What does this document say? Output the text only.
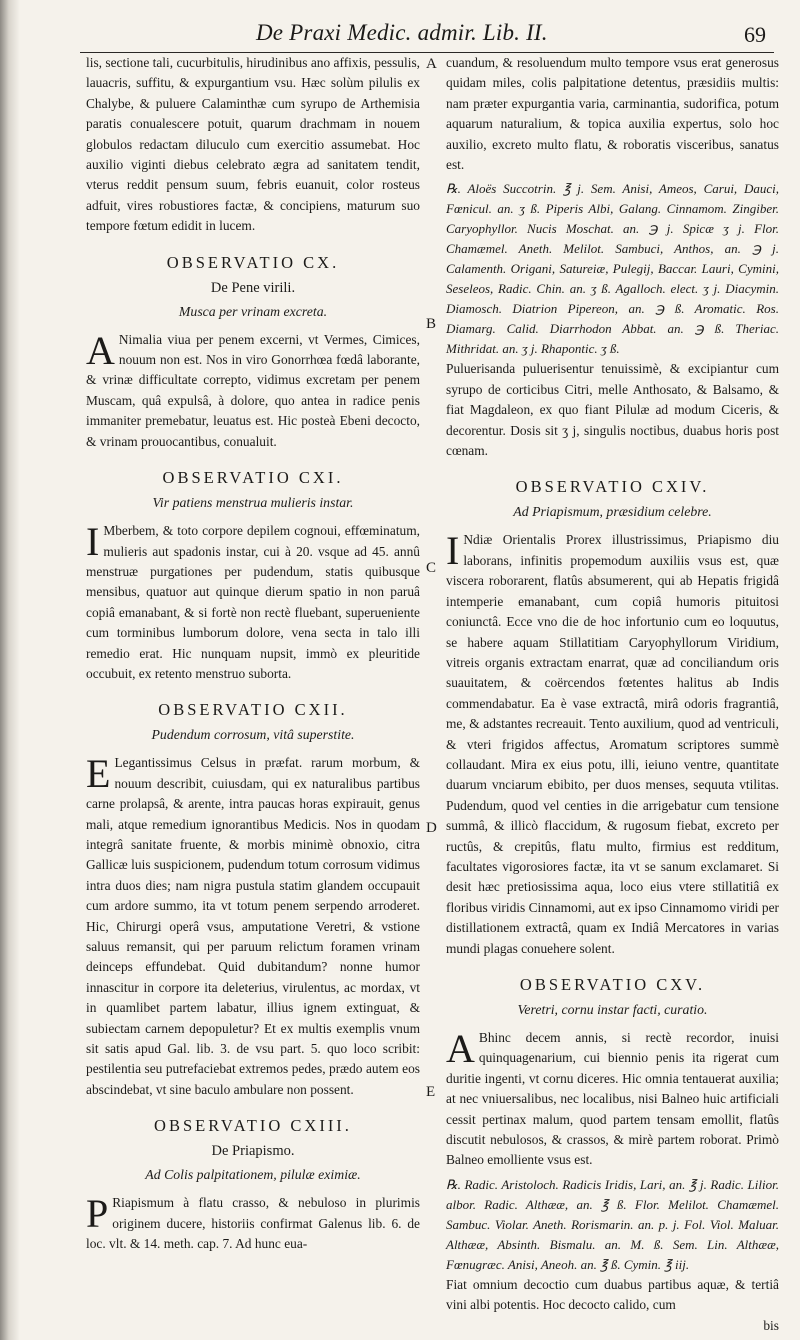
De Praxi Medic. admir. Lib. II.	69
A
B
C
D
E

lis, sectione tali, cucurbitulis, hirudinibus ano affixis, pessulis, lauacris, suffitu, & expurgantium vsu. Hæc solùm pilulis ex Chalybe, & puluere Calaminthæ cum syrupo de Arthemisia paratis conualescere potuit, quarum drachmam in nouem globulos redactam diluculo cum exercitio assumebat. Hoc auxilio viginti diebus celebrato ægra ad sanitatem tendit, vterus reddit pensum suum, febris euanuit, color rosteus adfuit, vires robustiores factæ, & concipiens, maturum suo tempore fœtum edidit in lucem.

OBSERVATIO CX.
De Pene virili.
Musca per vrinam excreta.

A Nimalia viua per penem excerni, vt Vermes, Cimices, nouum non est. Nos in viro Gonorrhœa fœdâ laborante, & vrinæ difficultate correpto, vidimus excretam per penem Muscam, quâ expulsâ, à dolore, quo antea in radice penis immaniter premebatur, leuatus est. Hic posteà Ebeni decocto, & vrinam prouocantibus, conualuit.

OBSERVATIO CXI.
Vir patiens menstrua mulieris instar.

I Mberbem, & toto corpore depilem cognoui, effœminatum, mulieris aut spadonis instar, cui à 20. vsque ad 45. annû menstruæ purgationes per pudendum, statis quibusque mensibus, quatuor aut quinque dierum spatio in non paruâ copiâ emanabant, & si fortè non rectè fluebant, superueniente cum torminibus lumborum dolore, vena secta in talo illi remedio erat. Hic nunquam nupsit, immò ex pleuritide occubuit, ex retento menstruo suborta.

OBSERVATIO CXII.
Pudendum corrosum, vitâ superstite.

E Legantissimus Celsus in præfat. rarum morbum, & nouum describit, cuiusdam, qui ex naturalibus partibus carne prolapsâ, & arente, intra paucas horas expirauit, genus mali, atque remedium ignorantibus Medicis. Nos in quodam integrâ sanitate fruente, & morbis minimè obnoxio, citra Gallicæ luis suspicionem, pudendum totum corrosum vidimus intra duos dies; nam nigra pustula statim glandem occupauit cum ardore summo, ita vt totum penem serpendo arroderet. Hic, Chirurgi operâ vsus, amputatione Veretri, & vstione saluus remansit, qui per paruum relictum foramen vrinam deinceps effundebat. Quid dubitandum? nonne humor innascitur in corpore ita deleterius, virulentus, ac mordax, vt in quamlibet partem labatur, illius ignem extinguat, & subiectam carnem depopuletur? Et ex multis exemplis vnum sit satis apud Gal. lib. 3. de vsu part. 5. quo loco scribit: pestilentia seu putrefaciebat extremos pedes, prædo autem eos abscindebat, vt sine baculo ambulare non possent.

OBSERVATIO CXIII.
De Priapismo.
Ad Colis palpitationem, pilulæ eximiæ.

P Riapismum à flatu crasso, & nebuloso in plurimis originem ducere, historiis confirmat Galenus lib. 6. de loc. vlt. & 14. meth. cap. 7. Ad hunc eua-

cuandum, & resoluendum multo tempore vsus erat generosus quidam miles, colis palpitatione detentus, præsidiis multis: nam præter expurgantia varia, carminantia, sudorifica, potum aquarum naturalium, & topica auxilia expertus, solo hoc auxilio, excreto multo flatu, & roboratis visceribus, sanatus est.

℞. Aloës Succotrin. ℥ j. Sem. Anisi, Ameos, Carui, Dauci, Fœnicul. an. ʒ ß. Piperis Albi, Galang. Cinnamom. Zingiber. Caryophyllor. Nucis Moschat. an. ℈ j. Spicæ ʒ j. Flor. Chamæmel. Aneth. Melilot. Sambuci, Anthos, an. ℈ j. Calamenth. Origani, Satureiæ, Pulegij, Baccar. Lauri, Cymini, Seseleos, Radic. Chin. an. ʒ ß. Agalloch. elect. ʒ j. Diacymin. Diamosch. Diatrion Pipereon, an. ℈ ß. Aromatic. Ros. Diamarg. Calid. Diarrhodon Abbat. an. ℈ ß. Theriac. Mithridat. an. ʒ j. Rhapontic. ʒ ß.

Puluerisanda puluerisentur tenuissimè, & excipiantur cum syrupo de corticibus Citri, melle Anthosato, & Balsamo, & fiat Magdaleon, ex quo fiant Pilulæ ad modum Ciceris, & decorentur. Dosis sit ʒ j, singulis noctibus, duabus horis post cœnam.

OBSERVATIO CXIV.
Ad Priapismum, præsidium celebre.

I Ndiæ Orientalis Prorex illustrissimus, Priapismo diu laborans, infinitis propemodum auxiliis vsus est, quæ viscera roborarent, flatûs absumerent, qui ab Hepatis frigidâ intemperie emanabant, cum copiâ humoris pituitosi coniunctâ. Ecce vno die de hoc infortunio cum eo loquutus, se habere aquam Stillatitiam Caryophyllorum Viridium, vitreis organis extractam enarrat, quæ ad conciliandum oris suauitatem, & coërcendos fœtentes halitus ab Indis commendabatur. Ea è vase extractâ, mirâ odoris fragrantiâ, me, & adstantes recreauit. Tento auxilium, quod ad ventriculi, & vteri frigidos affectus, Aromatum scriptores summè collaudant. Mira ex eius potu, illi, ieiuno ventre, quantitate duarum vnciarum ebibito, per duos menses, sequuta vtilitas. Pudendum, quod vel centies in die arrigebatur cum tensione summâ, & illicò flaccidum, & rugosum fiebat, excreto per ructûs, & crepitûs, flatu multo, firmius est redditum, facultates vigorosiores factæ, ita vt se sanum exclamaret. Si desit hæc pretiosissima aqua, loco eius vtere stillatitiâ ex floribus viridis Cinnamomi, aut ex ipso Cinnamomo viridi per distillationem extractâ, quam ex Indiâ Mercatores in varias mundi plagas conuehere solent.

OBSERVATIO CXV.
Veretri, cornu instar facti, curatio.

A Bhinc decem annis, si rectè recordor, inuisi quinquagenarium, cui biennio penis ita rigerat cum duritie ingenti, vt cornu diceres. Hic omnia tentauerat auxilia; at nec vniuersalibus, nec localibus, nisi Balneo huic artificiali cessit pertinax malum, quod partem tensam emollit, flatûs discutit nebulosos, & crassos, & mirè partem roborat. Primò Balneo emolliente vsus est.

℞. Radic. Aristoloch. Radicis Iridis, Lari, an. ℥ j. Radic. Lilior. albor. Radic. Althææ, an. ℥ ß. Flor. Melilot. Chamæmel. Sambuc. Violar. Aneth. Rorismarin. an. p. j. Fol. Viol. Maluar. Althææ, Absinth. Bismalu. an. M. ß. Sem. Lin. Althææ, Fœnugræc. Anisi, Aneoh. an. ℥ ß. Cymin. ℥ iij.

Fiat omnium decoctio cum duabus partibus aquæ, & tertiâ vini albi potentis. Hoc decocto calido, cum

bis
